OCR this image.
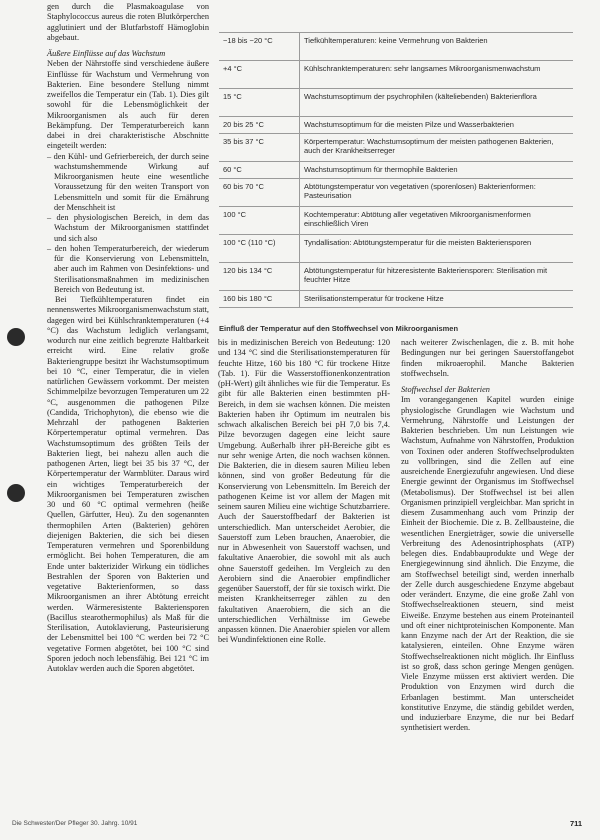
gen durch die Plasmakoagulase von Staphylococcus aureus die roten Blutkörperchen agglutiniert und der Blutfarbstoff Hämoglobin abgebaut.

Äußere Einflüsse auf das Wachstum

Neben der Nährstoffe sind verschiedene äußere Einflüsse für Wachstum und Vermehrung von Bakterien. Eine besondere Stellung nimmt zweifellos die Temperatur ein (Tab. 1). Dies gilt sowohl für die Lebensmöglichkeit der Mikroorganismen als auch für deren Bekämpfung. Der Temperaturbereich kann dabei in drei charakteristische Abschnitte eingeteilt werden:

– den Kühl- und Gefrierbereich, der durch seine wachstumshemmende Wirkung auf Mikroorganismen heute eine wesentliche Voraussetzung für den weiten Transport von Lebensmitteln und somit für die Ernährung der Menschheit ist
– den physiologischen Bereich, in dem das Wachstum der Mikroorganismen stattfindet und sich also
– den hohen Temperaturbereich, der wiederum für die Konservierung von Lebensmitteln, aber auch im Rahmen von Desinfektions- und Sterilisationsmaßnahmen im medizinischen Bereich von Bedeutung ist.

Bei Tiefkühltemperaturen findet ein nennenswertes Mikroorganismenwachstum statt, dagegen wird bei Kühlschranktemperaturen (+4 °C) das Wachstum lediglich verlangsamt, wodurch nur eine zeitlich begrenzte Haltbarkeit erreicht wird. Eine relativ große Bakteriengruppe besitzt ihr Wachstumsoptimum bei 10 °C, einer Temperatur, die in vielen natürlichen Gewässern vorkommt. Der meisten Schimmelpilze bevorzugen Temperaturen um 22 °C, ausgenommen die pathogenen Pilze (Candida, Trichophyton), die ebenso wie die Mehrzahl der pathogenen Bakterien Körpertemperatur optimal vermehren. Das Wachstumsoptimum des größten Teils der Bakterien liegt, bei nahezu allen auch die pathogenen Arten, liegt bei 35 bis 37 °C, der Körpertemperatur der Warmblüter. Daraus wird ein wichtiges Temperaturbereich der Mikroorganismen bei Temperaturen zwischen 30 und 60 °C optimal vermehren (heiße Quellen, Gärfutter, Heu). Zu den sogenannten thermophilen Arten (Bakterien) gehören diejenigen Bakterien, die sich bei diesen Temperaturen vermehren und Sporenbildung ermöglicht. Bei hohen Temperaturen, die am Ende unter bakterizider Wirkung ein tödliches Bestrahlen der Sporen von Bakterien und vegetative Bakterienformen, so dass Mikroorganismen an ihrer Abtötung erreicht werden. Wärmeresistente Bakteriensporen (Bacillus stearothermophilus) als Maß für die Sterilisation, Autoklavierung, Pasteurisierung der Lebensmittel bei 100 °C werden bei 72 °C vegetative Formen abgetötet, bei 100 °C sind Sporen jedoch noch lebensfähig. Bei 121 °C im Autoklav werden auch die Sporen abgetötet.

−18 bis −20 °C	Tiefkühltemperaturen: keine Vermehrung von Bakterien
+4 °C	Kühlschranktemperaturen: sehr langsames Mikroorganismenwachstum
15 °C	Wachstumsoptimum der psychrophilen (kälteliebenden) Bakterienflora
20 bis 25 °C	Wachstumsoptimum für die meisten Pilze und Wasserbakterien
35 bis 37 °C	Körpertemperatur: Wachstumsoptimum der meisten pathogenen Bakterien, auch der Krankheitserreger
60 °C	Wachstumsoptimum für thermophile Bakterien
60 bis 70 °C	Abtötungstemperatur von vegetativen (sporenlosen) Bakterienformen: Pasteurisation
100 °C	Kochtemperatur: Abtötung aller vegetativen Mikroorganismenformen einschließlich Viren
100 °C (110 °C)	Tyndallisation: Abtötungstemperatur für die meisten Bakteriensporen
120 bis 134 °C	Abtötungstemperatur für hitzeresistente Bakteriensporen: Sterilisation mit feuchter Hitze
160 bis 180 °C	Sterilisationstemperatur für trockene Hitze
Einfluß der Temperatur auf den Stoffwechsel von Mikroorganismen

bis in medizinischen Bereich von Bedeutung: 120 und 134 °C sind die Sterilisationstemperaturen für feuchte Hitze, 160 bis 180 °C für trockene Hitze (Tab. 1). Für die Wasserstoffionenkonzentration (pH-Wert) gilt ähnliches wie für die Temperatur. Es gibt für alle Bakterien einen bestimmten pH-Bereich, in dem sie wachsen können. Die meisten Bakterien haben ihr Optimum im neutralen bis schwach alkalischen Bereich bei pH 7,0 bis 7,4. Pilze bevorzugen dagegen eine leicht saure Umgebung. Außerhalb ihrer pH-Bereiche gibt es nur sehr wenige Arten, die noch wachsen können. Die Bakterien, die in diesem sauren Milieu leben können, sind von großer Bedeutung für die Konservierung von Lebensmitteln. Im Bereich der pathogenen Keime ist vor allem der Magen mit seinem sauren Milieu eine wichtige Schutzbarriere. Auch der Sauerstoffbedarf der Bakterien ist unterschiedlich. Man unterscheidet Aerobier, die Sauerstoff zum Leben brauchen, Anaerobier, die nur in Abwesenheit von Sauerstoff wachsen, und fakultative Anaerobier, die sowohl mit als auch ohne Sauerstoff gedeihen. Im Vergleich zu den Aerobiern sind die Anaerobier empfindlicher gegenüber Sauerstoff, der für sie toxisch wirkt. Die meisten Krankheitserreger zählen zu den fakultativen Anaerobiern, die sich an die unterschiedlichen Verhältnisse im Gewebe anpassen können. Die Anaerobier spielen vor allem bei Wundinfektionen eine Rolle.

nach weiterer Zwischenlagen, die z. B. mit hohe Bedingungen nur bei geringen Sauerstoffangebot finden mikroaerophil. Manche Bakterien stoffwechseln.

Stoffwechsel der Bakterien

Im vorangegangenen Kapitel wurden einige physiologische Grundlagen wie Wachstum und Vermehrung, Nährstoffe und Leistungen der Bakterien beschrieben. Um nun Leistungen wie Wachstum, Aufnahme von Nährstoffen, Produktion von Toxinen oder anderen Stoffwechselprodukten zu vollbringen, sind die Zellen auf eine ausreichende Energiezufuhr angewiesen. Und diese Energie gewinnt der Organismus im Stoffwechsel (Metabolismus). Der Stoffwechsel ist bei allen Organismen prinzipiell vergleichbar. Man spricht in diesem Zusammenhang auch vom Prinzip der Einheit der Biochemie. Die z. B. Zellbausteine, die wesentlichen Energieträger, sowie die universelle Verbreitung des Adenosintriphosphats (ATP) belegen dies. Endabbauprodukte und Wege der Energiegewinnung sind ähnlich. Die Enzyme, die am Stoffwechsel beteiligt sind, werden innerhalb der Zelle durch ausgeschiedene Enzyme abgebaut oder verändert. Enzyme, die eine große Zahl von Stoffwechselreaktionen steuern, sind meist Eiweiße. Enzyme bestehen aus einem Proteinanteil und oft einer nichtproteinischen Komponente. Man kann Enzyme nach der Art der Reaktion, die sie katalysieren, einteilen. Ohne Enzyme wären Stoffwechselreaktionen nicht möglich. Ihr Einfluss ist so groß, dass schon geringe Mengen genügen. Viele Enzyme müssen erst aktiviert werden. Die Produktion von Enzymen wird durch die Erbanlagen bestimmt. Man unterscheidet konstitutive Enzyme, die ständig gebildet werden, und induzierbare Enzyme, die nur bei Bedarf synthetisiert werden.

Die Schwester/Der Pfleger 30. Jahrg. 10/91	711
